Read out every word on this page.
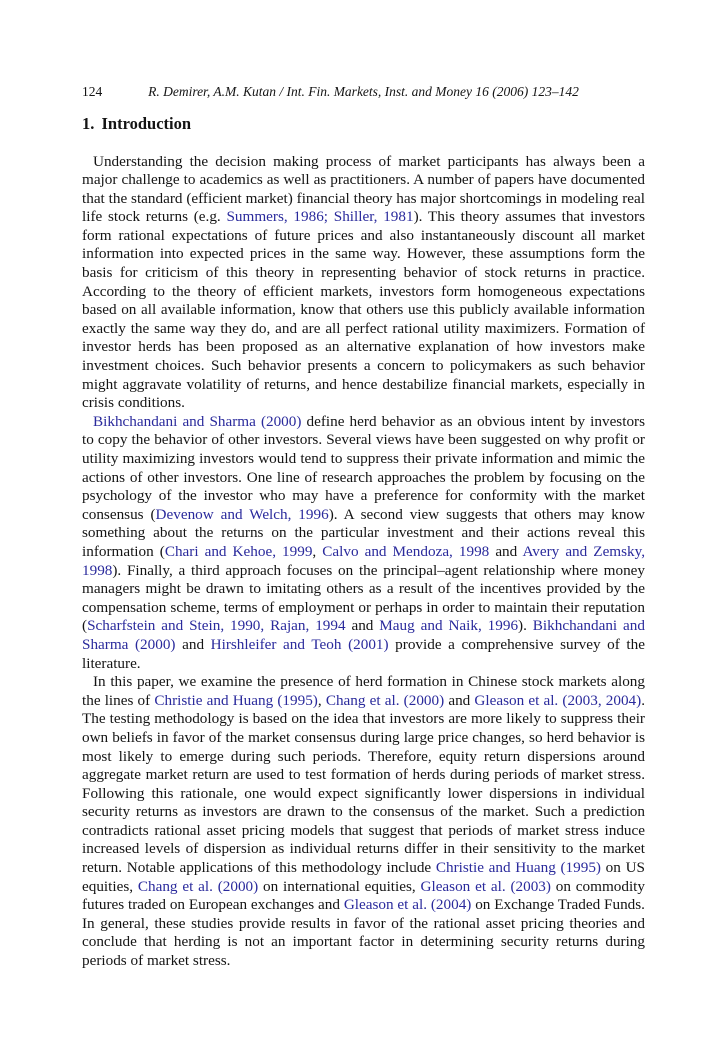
124	R. Demirer, A.M. Kutan / Int. Fin. Markets, Inst. and Money 16 (2006) 123–142
1. Introduction

Understanding the decision making process of market participants has always been a major challenge to academics as well as practitioners. A number of papers have documented that the standard (efficient market) financial theory has major shortcomings in modeling real life stock returns (e.g. Summers, 1986; Shiller, 1981). This theory assumes that investors form rational expectations of future prices and also instantaneously discount all market information into expected prices in the same way. However, these assumptions form the basis for criticism of this theory in representing behavior of stock returns in practice. According to the theory of efficient markets, investors form homogeneous expectations based on all available information, know that others use this publicly available information exactly the same way they do, and are all perfect rational utility maximizers. Formation of investor herds has been proposed as an alternative explanation of how investors make investment choices. Such behavior presents a concern to policymakers as such behavior might aggravate volatility of returns, and hence destabilize financial markets, especially in crisis conditions.

Bikhchandani and Sharma (2000) define herd behavior as an obvious intent by investors to copy the behavior of other investors. Several views have been suggested on why profit or utility maximizing investors would tend to suppress their private information and mimic the actions of other investors. One line of research approaches the problem by focusing on the psychology of the investor who may have a preference for conformity with the market consensus (Devenow and Welch, 1996). A second view suggests that others may know something about the returns on the particular investment and their actions reveal this information (Chari and Kehoe, 1999, Calvo and Mendoza, 1998 and Avery and Zemsky, 1998). Finally, a third approach focuses on the principal–agent relationship where money managers might be drawn to imitating others as a result of the incentives provided by the compensation scheme, terms of employment or perhaps in order to maintain their reputation (Scharfstein and Stein, 1990, Rajan, 1994 and Maug and Naik, 1996). Bikhchandani and Sharma (2000) and Hirshleifer and Teoh (2001) provide a comprehensive survey of the literature.

In this paper, we examine the presence of herd formation in Chinese stock markets along the lines of Christie and Huang (1995), Chang et al. (2000) and Gleason et al. (2003, 2004). The testing methodology is based on the idea that investors are more likely to suppress their own beliefs in favor of the market consensus during large price changes, so herd behavior is most likely to emerge during such periods. Therefore, equity return dispersions around aggregate market return are used to test formation of herds during periods of market stress. Following this rationale, one would expect significantly lower dispersions in individual security returns as investors are drawn to the consensus of the market. Such a prediction contradicts rational asset pricing models that suggest that periods of market stress induce increased levels of dispersion as individual returns differ in their sensitivity to the market return. Notable applications of this methodology include Christie and Huang (1995) on US equities, Chang et al. (2000) on international equities, Gleason et al. (2003) on commodity futures traded on European exchanges and Gleason et al. (2004) on Exchange Traded Funds. In general, these studies provide results in favor of the rational asset pricing theories and conclude that herding is not an important factor in determining security returns during periods of market stress.
